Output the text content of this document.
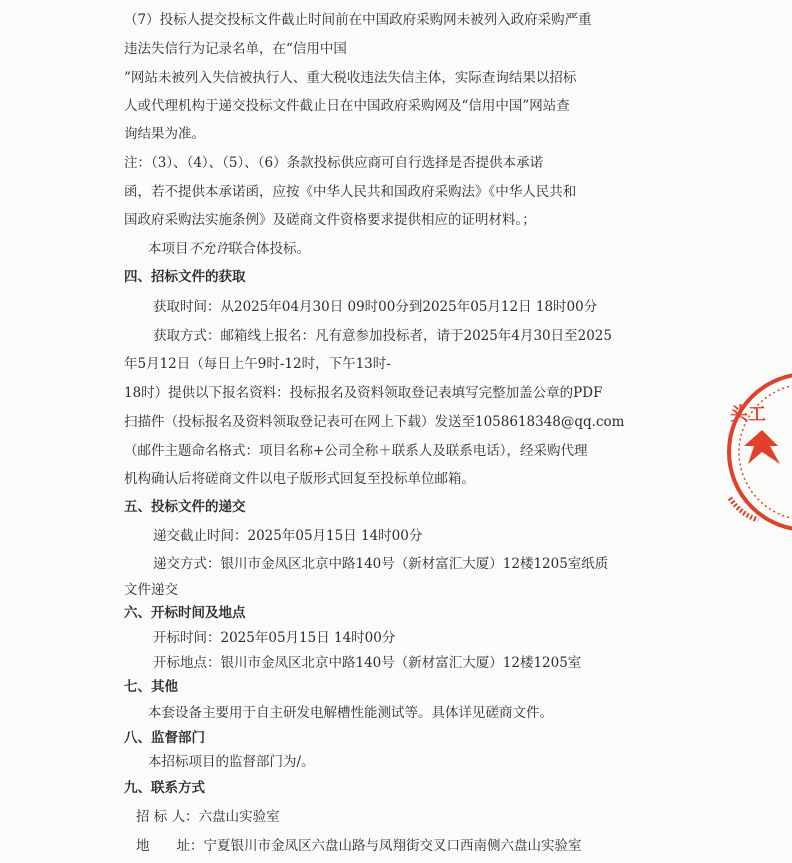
（7）投标人提交投标文件截止时间前在中国政府采购网未被列入政府采购严重
违法失信行为记录名单，在“信用中国
”网站未被列入失信被执行人、重大税收违法失信主体，实际查询结果以招标
人或代理机构于递交投标文件截止日在中国政府采购网及“信用中国”网站查
询结果为准。
注：（3）、（4）、（5）、（6）条款投标供应商可自行选择是否提供本承诺
函，若不提供本承诺函，应按《中华人民共和国政府采购法》《中华人民共和
国政府采购法实施条例》及磋商文件资格要求提供相应的证明材料。；
本项目不允许联合体投标。
四、招标文件的获取
获取时间：从2025年04月30日 09时00分到2025年05月12日 18时00分
获取方式：邮箱线上报名：凡有意参加投标者，请于2025年4月30日至2025
年5月12日（每日上午9时-12时，下午13时-
18时）提供以下报名资料：投标报名及资料领取登记表填写完整加盖公章的PDF
扫描件（投标报名及资料领取登记表可在网上下载）发送至1058618348@qq.com
（邮件主题命名格式：项目名称+公司全称＋联系人及联系电话），经采购代理
机构确认后将磋商文件以电子版形式回复至投标单位邮箱。
五、投标文件的递交
递交截止时间：2025年05月15日 14时00分
递交方式：银川市金凤区北京中路140号（新材富汇大厦）12楼1205室纸质
文件递交
六、开标时间及地点
开标时间：2025年05月15日 14时00分
开标地点：银川市金凤区北京中路140号（新材富汇大厦）12楼1205室
七、其他
本套设备主要用于自主研发电解槽性能测试等。具体详见磋商文件。
八、监督部门
本招标项目的监督部门为/。
九、联系方式
招 标 人：六盘山实验室
地　　址：宁夏银川市金凤区六盘山路与凤翔街交叉口西南侧六盘山实验室
头工
